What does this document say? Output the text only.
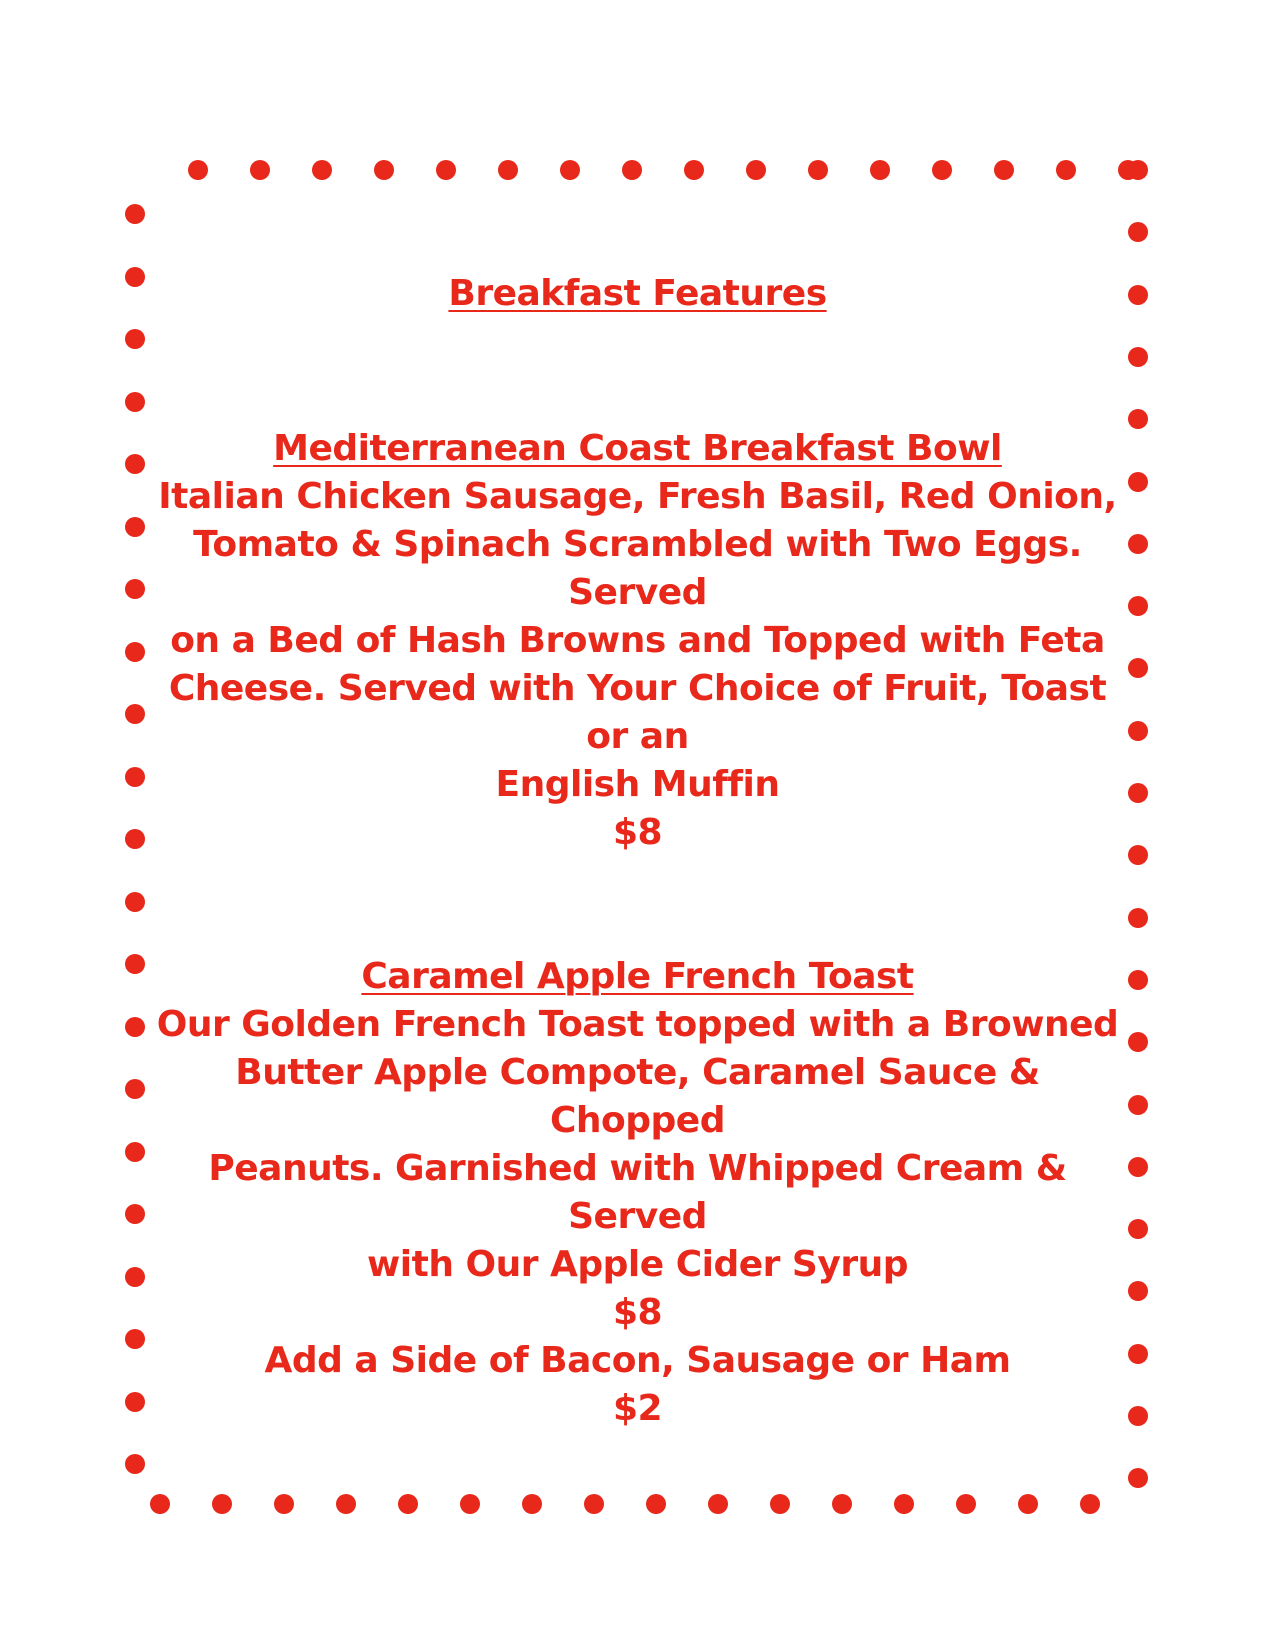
Breakfast Features
Mediterranean Coast Breakfast Bowl
Italian Chicken Sausage, Fresh Basil, Red Onion,
Tomato & Spinach Scrambled with Two Eggs. Served
on a Bed of Hash Browns and Topped with Feta
Cheese. Served with Your Choice of Fruit, Toast or an
English Muffin
$8
Caramel Apple French Toast
Our Golden French Toast topped with a Browned
Butter Apple Compote, Caramel Sauce & Chopped
Peanuts. Garnished with Whipped Cream & Served
with Our Apple Cider Syrup
$8
Add a Side of Bacon, Sausage or Ham
$2
